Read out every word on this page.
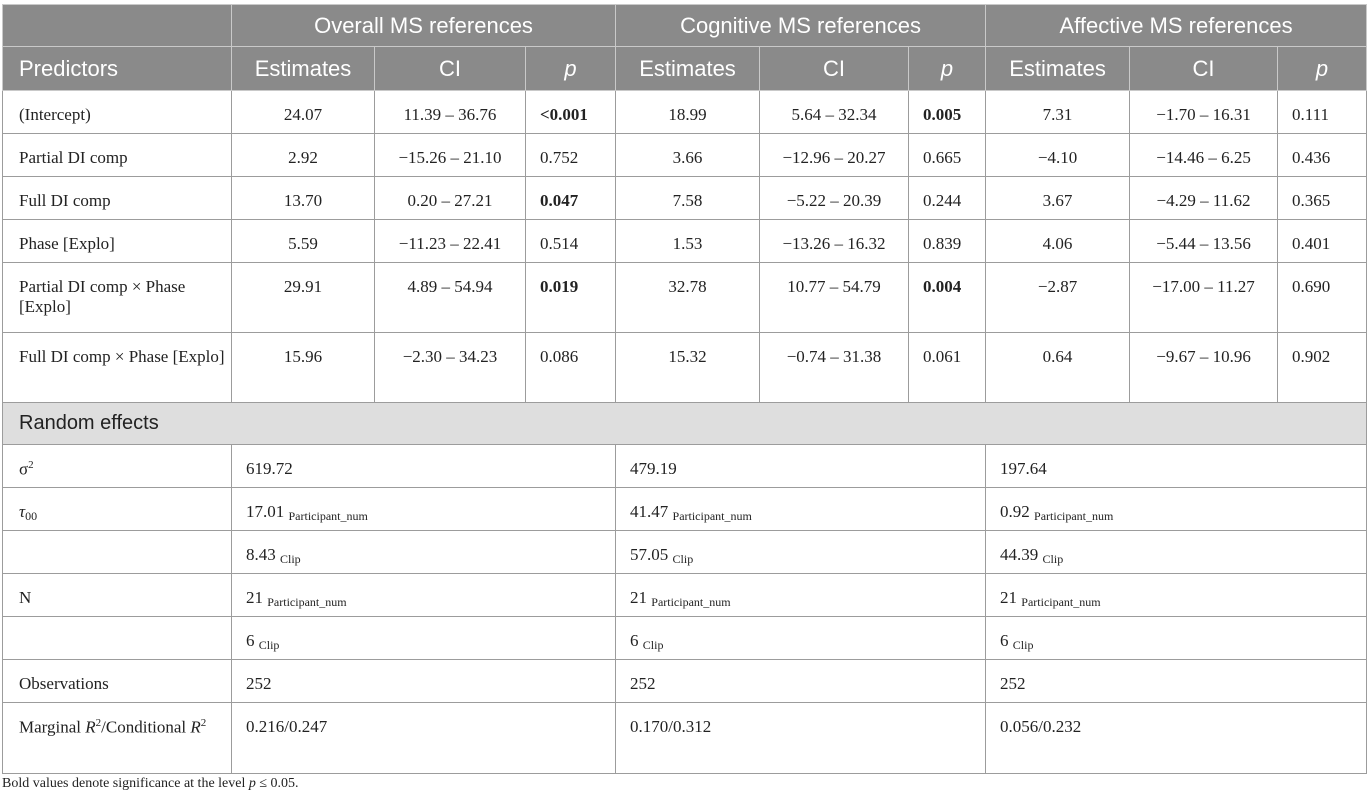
	Overall MS references			Cognitive MS references			Affective MS references		
Predictors	Estimates	CI	p	Estimates	CI	p	Estimates	CI	p
(Intercept)	24.07	11.39 – 36.76	<0.001	18.99	5.64 – 32.34	0.005	7.31	−1.70 – 16.31	0.111
Partial DI comp	2.92	−15.26 – 21.10	0.752	3.66	−12.96 – 20.27	0.665	−4.10	−14.46 – 6.25	0.436
Full DI comp	13.70	0.20 – 27.21	0.047	7.58	−5.22 – 20.39	0.244	3.67	−4.29 – 11.62	0.365
Phase [Explo]	5.59	−11.23 – 22.41	0.514	1.53	−13.26 – 16.32	0.839	4.06	−5.44 – 13.56	0.401
Partial DI comp × Phase [Explo]	29.91	4.89 – 54.94	0.019	32.78	10.77 – 54.79	0.004	−2.87	−17.00 – 11.27	0.690
Full DI comp × Phase [Explo]	15.96	−2.30 – 34.23	0.086	15.32	−0.74 – 31.38	0.061	0.64	−9.67 – 10.96	0.902
Random effects									
$\sigma^2$	619.72			479.19			197.64		
$\tau_{00}$	17.01 $_{Participant\_num}$			41.47 $_{Participant\_num}$			0.92 $_{Participant\_num}$
	8.43 $_{Clip}$			57.05 $_{Clip}$			44.39 $_{Clip}$
N	21 $_{Participant\_num}$			21 $_{Participant\_num}$			21 $_{Participant\_num}$
	6 $_{Clip}$			6 $_{Clip}$			6 $_{Clip}$
Observations	252			252			252		
Marginal $R^2$/Conditional $R^2$	0.216/0.247			0.170/0.312			0.056/0.232		
Bold values denote significance at the level p ≤ 0.05.
